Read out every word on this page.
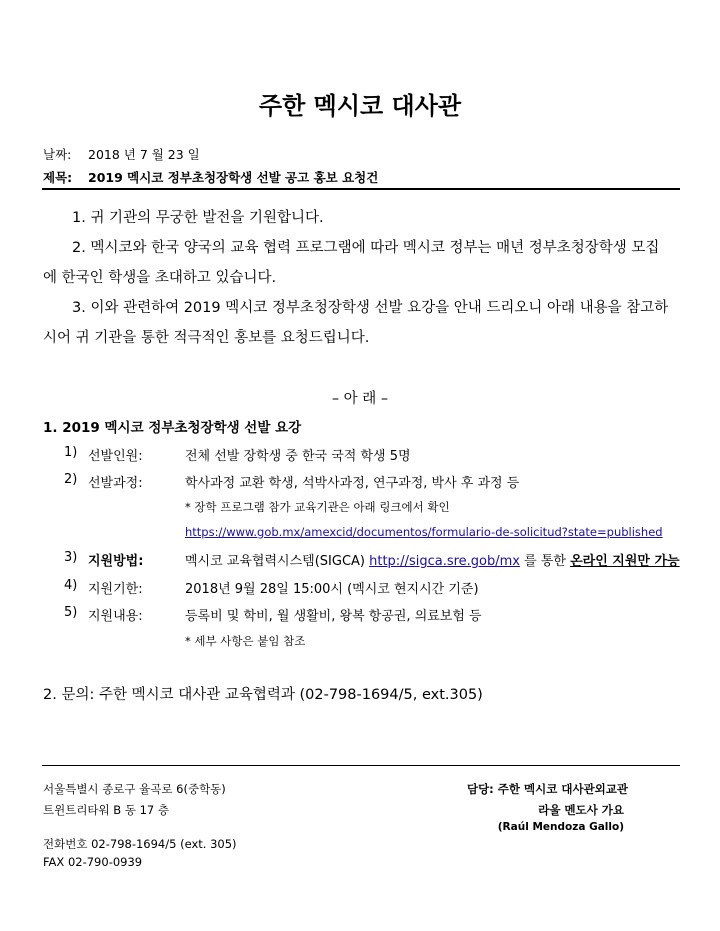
주한 멕시코 대사관
날짜: 2018 년 7 월 23 일
제목: 2019 멕시코 정부초청장학생 선발 공고 홍보 요청건
1. 귀 기관의 무궁한 발전을 기원합니다.
2. 멕시코와 한국 양국의 교육 협력 프로그램에 따라 멕시코 정부는 매년 정부초청장학생 모집
에 한국인 학생을 초대하고 있습니다.
3. 이와 관련하여 2019 멕시코 정부초청장학생 선발 요강을 안내 드리오니 아래 내용을 참고하
시어 귀 기관을 통한 적극적인 홍보를 요청드립니다.
– 아 래 –
1. 2019 멕시코 정부초청장학생 선발 요강
1) 선발인원:	전체 선발 장학생 중 한국 국적 학생 5명
2) 선발과정:	학사과정 교환 학생, 석박사과정, 연구과정, 박사 후 과정 등
* 장학 프로그램 참가 교육기관은 아래 링크에서 확인
https://www.gob.mx/amexcid/documentos/formulario-de-solicitud?state=published
3) 지원방법:	멕시코 교육협력시스템(SIGCA) http://sigca.sre.gob/mx 를 통한 온라인 지원만 가능
4) 지원기한:	2018년 9월 28일 15:00시 (멕시코 현지시간 기준)
5) 지원내용:	등록비 및 학비, 월 생활비, 왕복 항공권, 의료보험 등
* 세부 사항은 붙임 참조
2. 문의: 주한 멕시코 대사관 교육협력과 (02-798-1694/5, ext.305)
서울특별시 종로구 율곡로 6(중학동)
트윈트리타워 B 동 17 층
전화번호 02-798-1694/5 (ext. 305)
FAX 02-790-0939
담당: 주한 멕시코 대사관외교관
라울 멘도사 가요
(Raúl Mendoza Gallo)
